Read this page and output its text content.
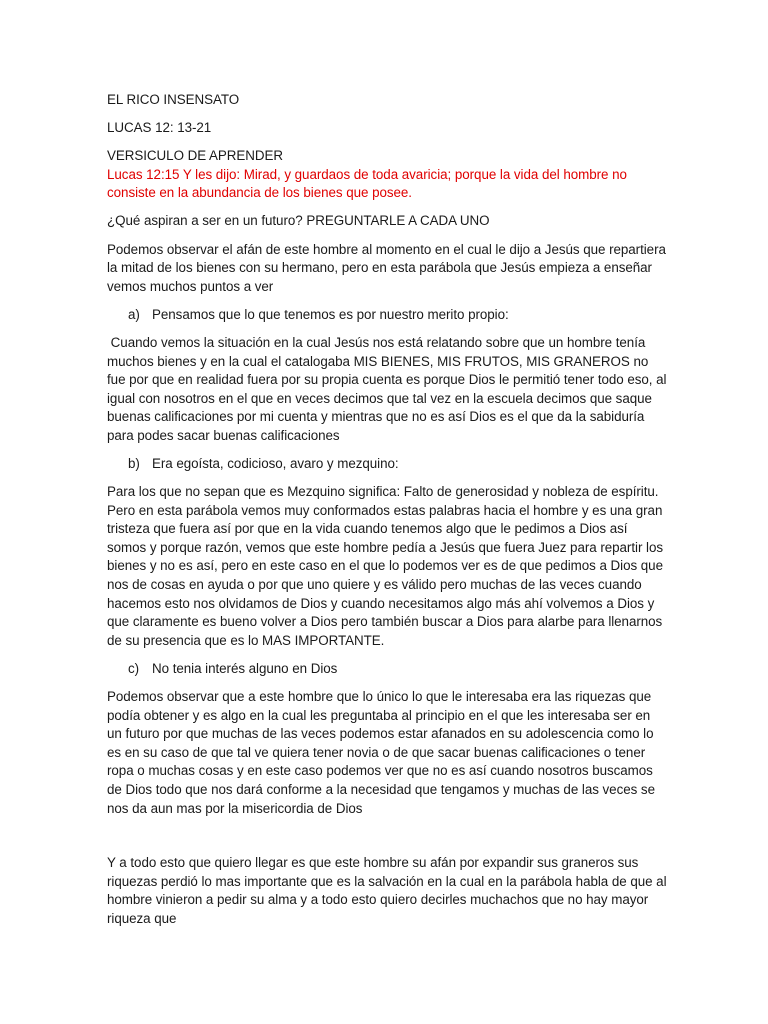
EL RICO INSENSATO

LUCAS 12: 13-21

VERSICULO DE APRENDER

Lucas 12:15 Y les dijo: Mirad, y guardaos de toda avaricia; porque la vida del hombre no consiste en la abundancia de los bienes que posee.

¿Qué aspiran a ser en un futuro? PREGUNTARLE A CADA UNO

Podemos observar el afán de este hombre al momento en el cual le dijo a Jesús que repartiera la mitad de los bienes con su hermano, pero en esta parábola que Jesús empieza a enseñar vemos muchos puntos a ver

a) Pensamos que lo que tenemos es por nuestro merito propio:

Cuando vemos la situación en la cual Jesús nos está relatando sobre que un hombre tenía muchos bienes y en la cual el catalogaba MIS BIENES, MIS FRUTOS, MIS GRANEROS no fue por que en realidad fuera por su propia cuenta es porque Dios le permitió tener todo eso, al igual con nosotros en el que en veces decimos que tal vez en la escuela decimos que saque buenas calificaciones por mi cuenta y mientras que no es así Dios es el que da la sabiduría para podes sacar buenas calificaciones

b) Era egoísta, codicioso, avaro y mezquino:

Para los que no sepan que es Mezquino significa: Falto de generosidad y nobleza de espíritu. Pero en esta parábola vemos muy conformados estas palabras hacia el hombre y es una gran tristeza que fuera así por que en la vida cuando tenemos algo que le pedimos a Dios así somos y porque razón, vemos que este hombre pedía a Jesús que fuera Juez para repartir los bienes y no es así, pero en este caso en el que lo podemos ver es de que pedimos a Dios que nos de cosas en ayuda o por que uno quiere y es válido pero muchas de las veces cuando hacemos esto nos olvidamos de Dios y cuando necesitamos algo más ahí volvemos a Dios y que claramente es bueno volver a Dios pero también buscar a Dios para alarbe para llenarnos de su presencia que es lo MAS IMPORTANTE.

c) No tenia interés alguno en Dios

Podemos observar que a este hombre que lo único lo que le interesaba era las riquezas que podía obtener y es algo en la cual les preguntaba al principio en el que les interesaba ser en un futuro por que muchas de las veces podemos estar afanados en su adolescencia como lo es en su caso de que tal ve quiera tener novia o de que sacar buenas calificaciones o tener ropa o muchas cosas y en este caso podemos ver que no es así cuando nosotros buscamos de Dios todo que nos dará conforme a la necesidad que tengamos y muchas de las veces se nos da aun mas por la misericordia de Dios

Y a todo esto que quiero llegar es que este hombre su afán por expandir sus graneros sus riquezas perdió lo mas importante que es la salvación en la cual en la parábola habla de que al hombre vinieron a pedir su alma y a todo esto quiero decirles muchachos que no hay mayor riqueza que
